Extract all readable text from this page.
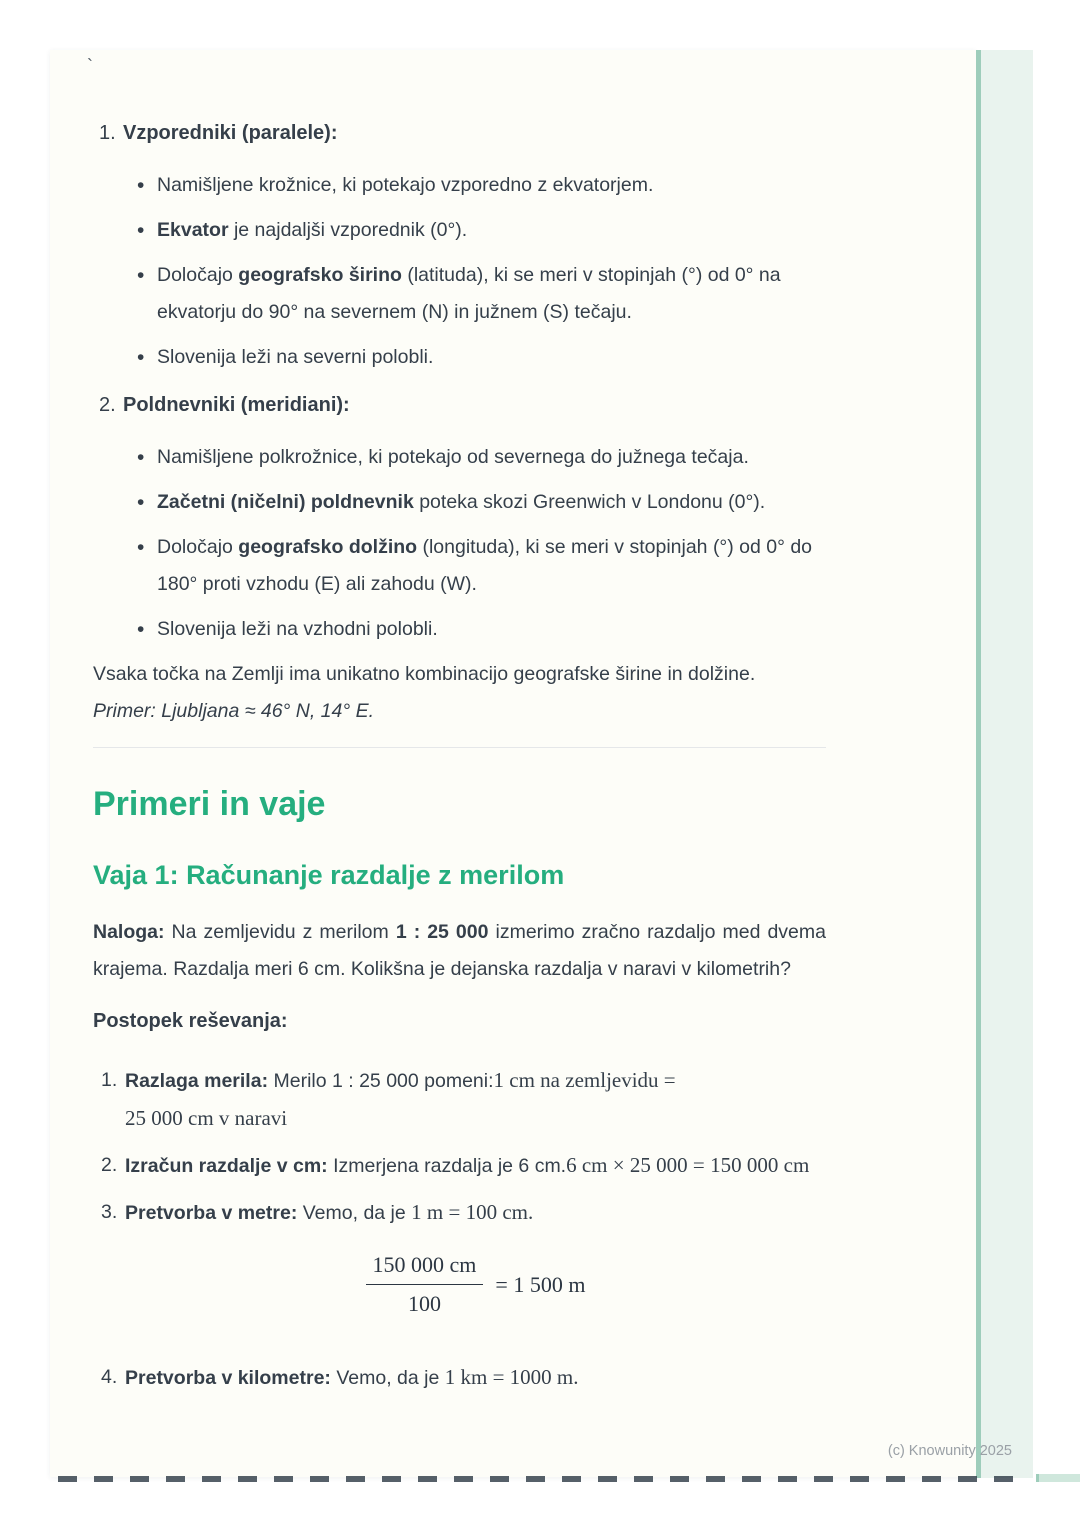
`
1. Vzporedniki (paralele):
• Namišljene krožnice, ki potekajo vzporedno z ekvatorjem.
• Ekvator je najdaljši vzporednik (0°).
• Določajo geografsko širino (latituda), ki se meri v stopinjah (°) od 0° na ekvatorju do 90° na severnem (N) in južnem (S) tečaju.
• Slovenija leži na severni polobli.
2. Poldnevniki (meridiani):
• Namišljene polkrožnice, ki potekajo od severnega do južnega tečaja.
• Začetni (ničelni) poldnevnik poteka skozi Greenwich v Londonu (0°).
• Določajo geografsko dolžino (longituda), ki se meri v stopinjah (°) od 0° do 180° proti vzhodu (E) ali zahodu (W).
• Slovenija leži na vzhodni polobli.

Vsaka točka na Zemlji ima unikatno kombinacijo geografske širine in dolžine.

Primer: Ljubljana ≈ 46° N, 14° E.

Primeri in vaje
Vaja 1: Računanje razdalje z merilom

Naloga: Na zemljevidu z merilom 1 : 25 000 izmerimo zračno razdaljo med dvema krajema. Razdalja meri 6 cm. Kolikšna je dejanska razdalja v naravi v kilometrih?

Postopek reševanja:

1. Razlaga merila: Merilo 1 : 25 000 pomeni:1 cm na zemljevidu = 25 000 cm v naravi
2. Izračun razdalje v cm: Izmerjena razdalja je 6 cm.6 cm × 25 000 = 150 000 cm
3. Pretvorba v metre: Vemo, da je 1 m = 100 cm.
$\frac{150 000 cm}{100} = 1$ 500 m
4. Pretvorba v kilometre: Vemo, da je 1 km = 1000 m.
(c) Knowunity 2025
